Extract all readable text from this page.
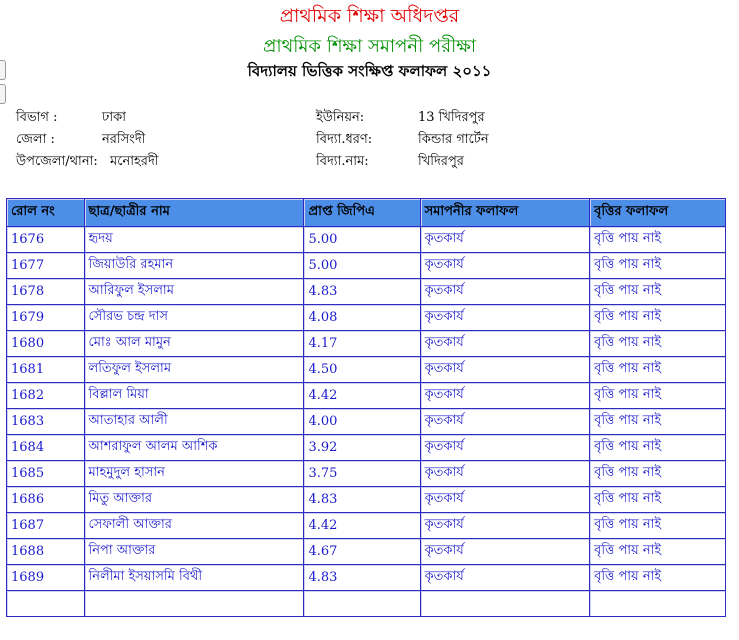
প্রাথমিক শিক্ষা অধিদপ্তর
প্রাথমিক শিক্ষা সমাপনী পরীক্ষা
বিদ্যালয় ভিত্তিক সংক্ষিপ্ত ফলাফল ২০১১
বিভাগ :	ঢাকা
জেলা :	নরসিংদী
উপজেলা/থানা: মনোহরদী
ইউনিয়ন:	13 খিদিরপুর
বিদ্যা.ধরণ:	কিন্ডার গার্টেন
বিদ্যা.নাম:	খিদিরপুর
রোল নং	ছাত্র/ছাত্রীর নাম	প্রাপ্ত জিপিএ	সমাপনীর ফলাফল	বৃত্তির ফলাফল
1676	হৃদয়	5.00	কৃতকার্য	বৃত্তি পায় নাই
1677	জিয়াউরি রহমান	5.00	কৃতকার্য	বৃত্তি পায় নাই
1678	আরিফুল ইসলাম	4.83	কৃতকার্য	বৃত্তি পায় নাই
1679	সৌরভ চন্দ্র দাস	4.08	কৃতকার্য	বৃত্তি পায় নাই
1680	মোঃ আল মামুন	4.17	কৃতকার্য	বৃত্তি পায় নাই
1681	লতিফুল ইসলাম	4.50	কৃতকার্য	বৃত্তি পায় নাই
1682	বিল্লাল মিয়া	4.42	কৃতকার্য	বৃত্তি পায় নাই
1683	আতাহার আলী	4.00	কৃতকার্য	বৃত্তি পায় নাই
1684	আশরাফুল আলম আশিক	3.92	কৃতকার্য	বৃত্তি পায় নাই
1685	মাহমুদুল হাসান	3.75	কৃতকার্য	বৃত্তি পায় নাই
1686	মিতু আক্তার	4.83	কৃতকার্য	বৃত্তি পায় নাই
1687	সেফালী আক্তার	4.42	কৃতকার্য	বৃত্তি পায় নাই
1688	নিপা আক্তার	4.67	কৃতকার্য	বৃত্তি পায় নাই
1689	নিলীমা ইসয়াসমি বিথী	4.83	কৃতকার্য	বৃত্তি পায় নাই
